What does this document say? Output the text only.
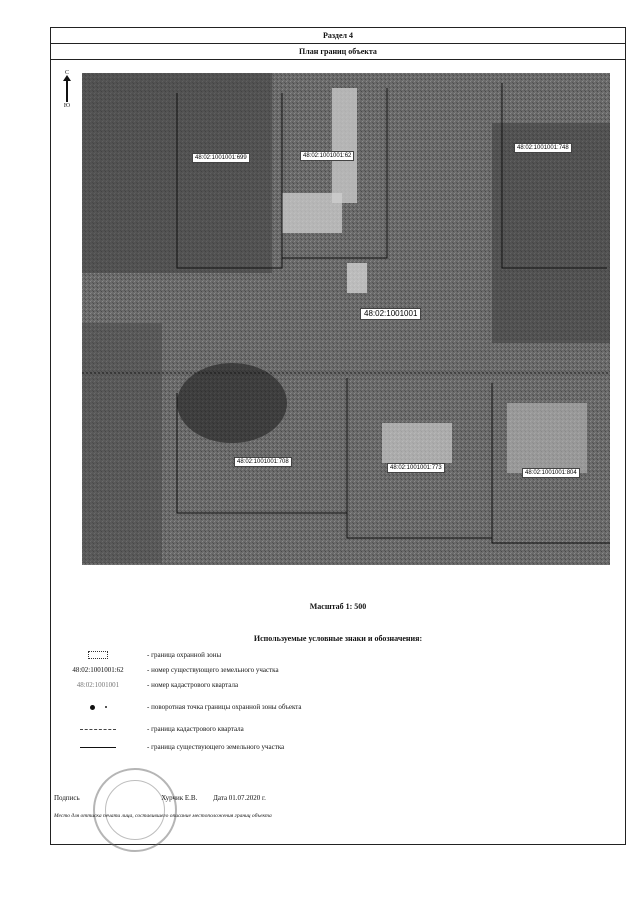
Раздел 4
План границ объекта
С
Ю
48:02:1001001:699	48:02:1001001:62
48:02:1001001:748
48:02:1001001
48:02:1001001:708
48:02:1001001:773
48:02:1001001:804
Масштаб 1: 500
Используемые условные знаки и обозначения:
- граница охранной зоны
48:02:1001001:62	- номер существующего земельного участка
48:02:1001001	- номер кадастрового квартала
- поворотная точка границы охранной зоны объекта
- граница кадастрового квартала
- граница существующего земельного участка
Подпись	Хурчик Е.В. Дата 01.07.2020 г.
Место для оттиска печати лица, составившего описание местоположения границ объекта
